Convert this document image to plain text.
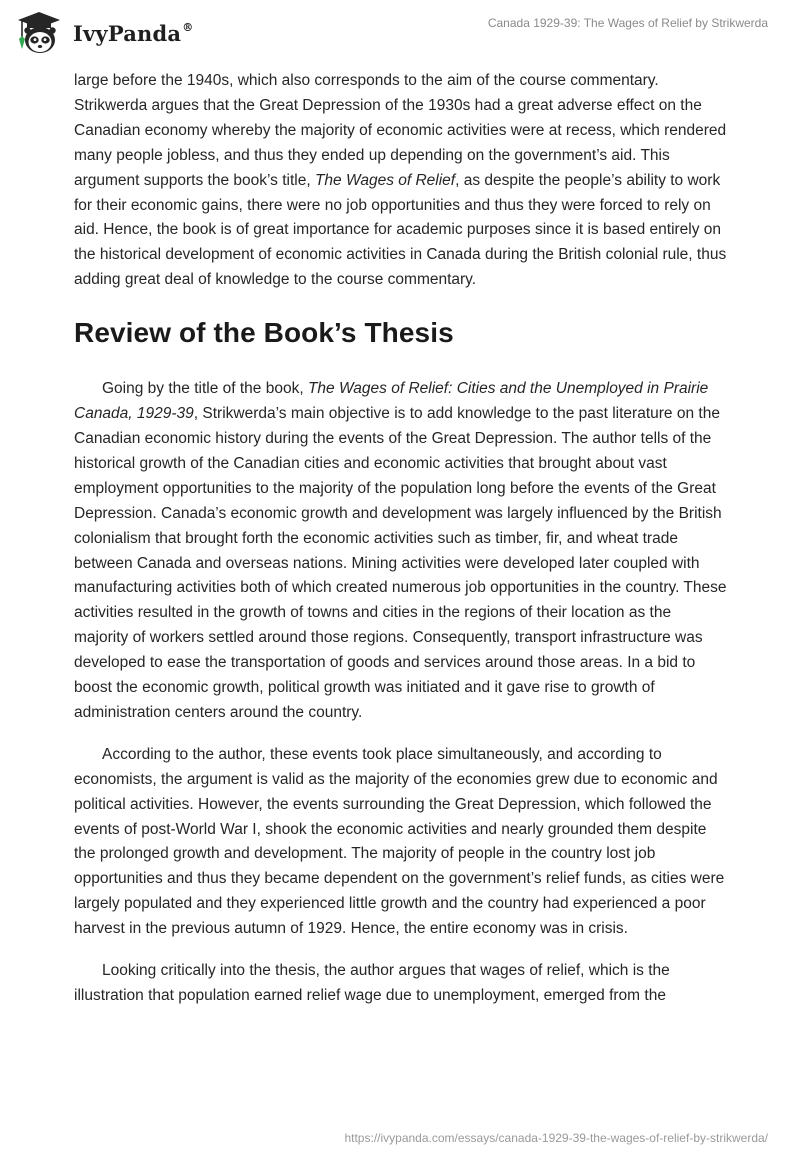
IvyPanda®	Canada 1929-39: The Wages of Relief by Strikwerda

large before the 1940s, which also corresponds to the aim of the course commentary. Strikwerda argues that the Great Depression of the 1930s had a great adverse effect on the Canadian economy whereby the majority of economic activities were at recess, which rendered many people jobless, and thus they ended up depending on the government’s aid. This argument supports the book’s title, The Wages of Relief, as despite the people’s ability to work for their economic gains, there were no job opportunities and thus they were forced to rely on aid. Hence, the book is of great importance for academic purposes since it is based entirely on the historical development of economic activities in Canada during the British colonial rule, thus adding great deal of knowledge to the course commentary.

Review of the Book’s Thesis

Going by the title of the book, The Wages of Relief: Cities and the Unemployed in Prairie Canada, 1929-39, Strikwerda’s main objective is to add knowledge to the past literature on the Canadian economic history during the events of the Great Depression. The author tells of the historical growth of the Canadian cities and economic activities that brought about vast employment opportunities to the majority of the population long before the events of the Great Depression. Canada’s economic growth and development was largely influenced by the British colonialism that brought forth the economic activities such as timber, fir, and wheat trade between Canada and overseas nations. Mining activities were developed later coupled with manufacturing activities both of which created numerous job opportunities in the country. These activities resulted in the growth of towns and cities in the regions of their location as the majority of workers settled around those regions. Consequently, transport infrastructure was developed to ease the transportation of goods and services around those areas. In a bid to boost the economic growth, political growth was initiated and it gave rise to growth of administration centers around the country.

According to the author, these events took place simultaneously, and according to economists, the argument is valid as the majority of the economies grew due to economic and political activities. However, the events surrounding the Great Depression, which followed the events of post-World War I, shook the economic activities and nearly grounded them despite the prolonged growth and development. The majority of people in the country lost job opportunities and thus they became dependent on the government’s relief funds, as cities were largely populated and they experienced little growth and the country had experienced a poor harvest in the previous autumn of 1929. Hence, the entire economy was in crisis.

Looking critically into the thesis, the author argues that wages of relief, which is the illustration that population earned relief wage due to unemployment, emerged from the

https://ivypanda.com/essays/canada-1929-39-the-wages-of-relief-by-strikwerda/
